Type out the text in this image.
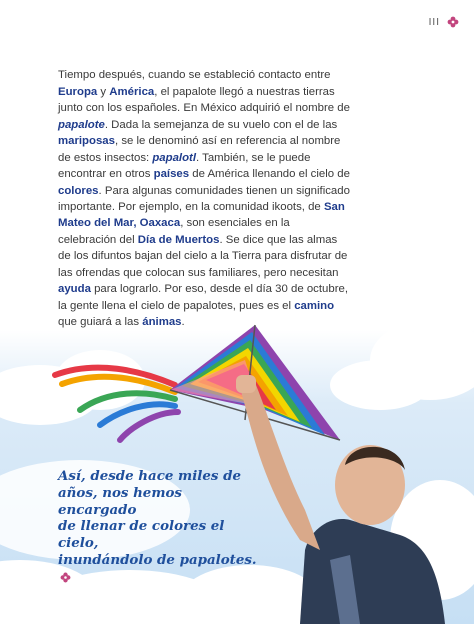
III

Tiempo después, cuando se estableció contacto entre Europa y América, el papalote llegó a nuestras tierras junto con los españoles. En México adquirió el nombre de papalote. Dada la semejanza de su vuelo con el de las mariposas, se le denominó así en referencia al nombre de estos insectos: papalotl. También, se le puede encontrar en otros países de América llenando el cielo de colores. Para algunas comunidades tienen un significado importante. Por ejemplo, en la comunidad ikoots, de San Mateo del Mar, Oaxaca, son esenciales en la celebración del Día de Muertos. Se dice que las almas de los difuntos bajan del cielo a la Tierra para disfrutar de las ofrendas que colocan sus familiares, pero necesitan ayuda para lograrlo. Por eso, desde el día 30 de octubre, la gente llena el cielo de papalotes, pues es el camino que guiará a las ánimas.

Así, desde hace miles de
años, nos hemos encargado
de llenar de colores el cielo,
inundándolo de papalotes.
